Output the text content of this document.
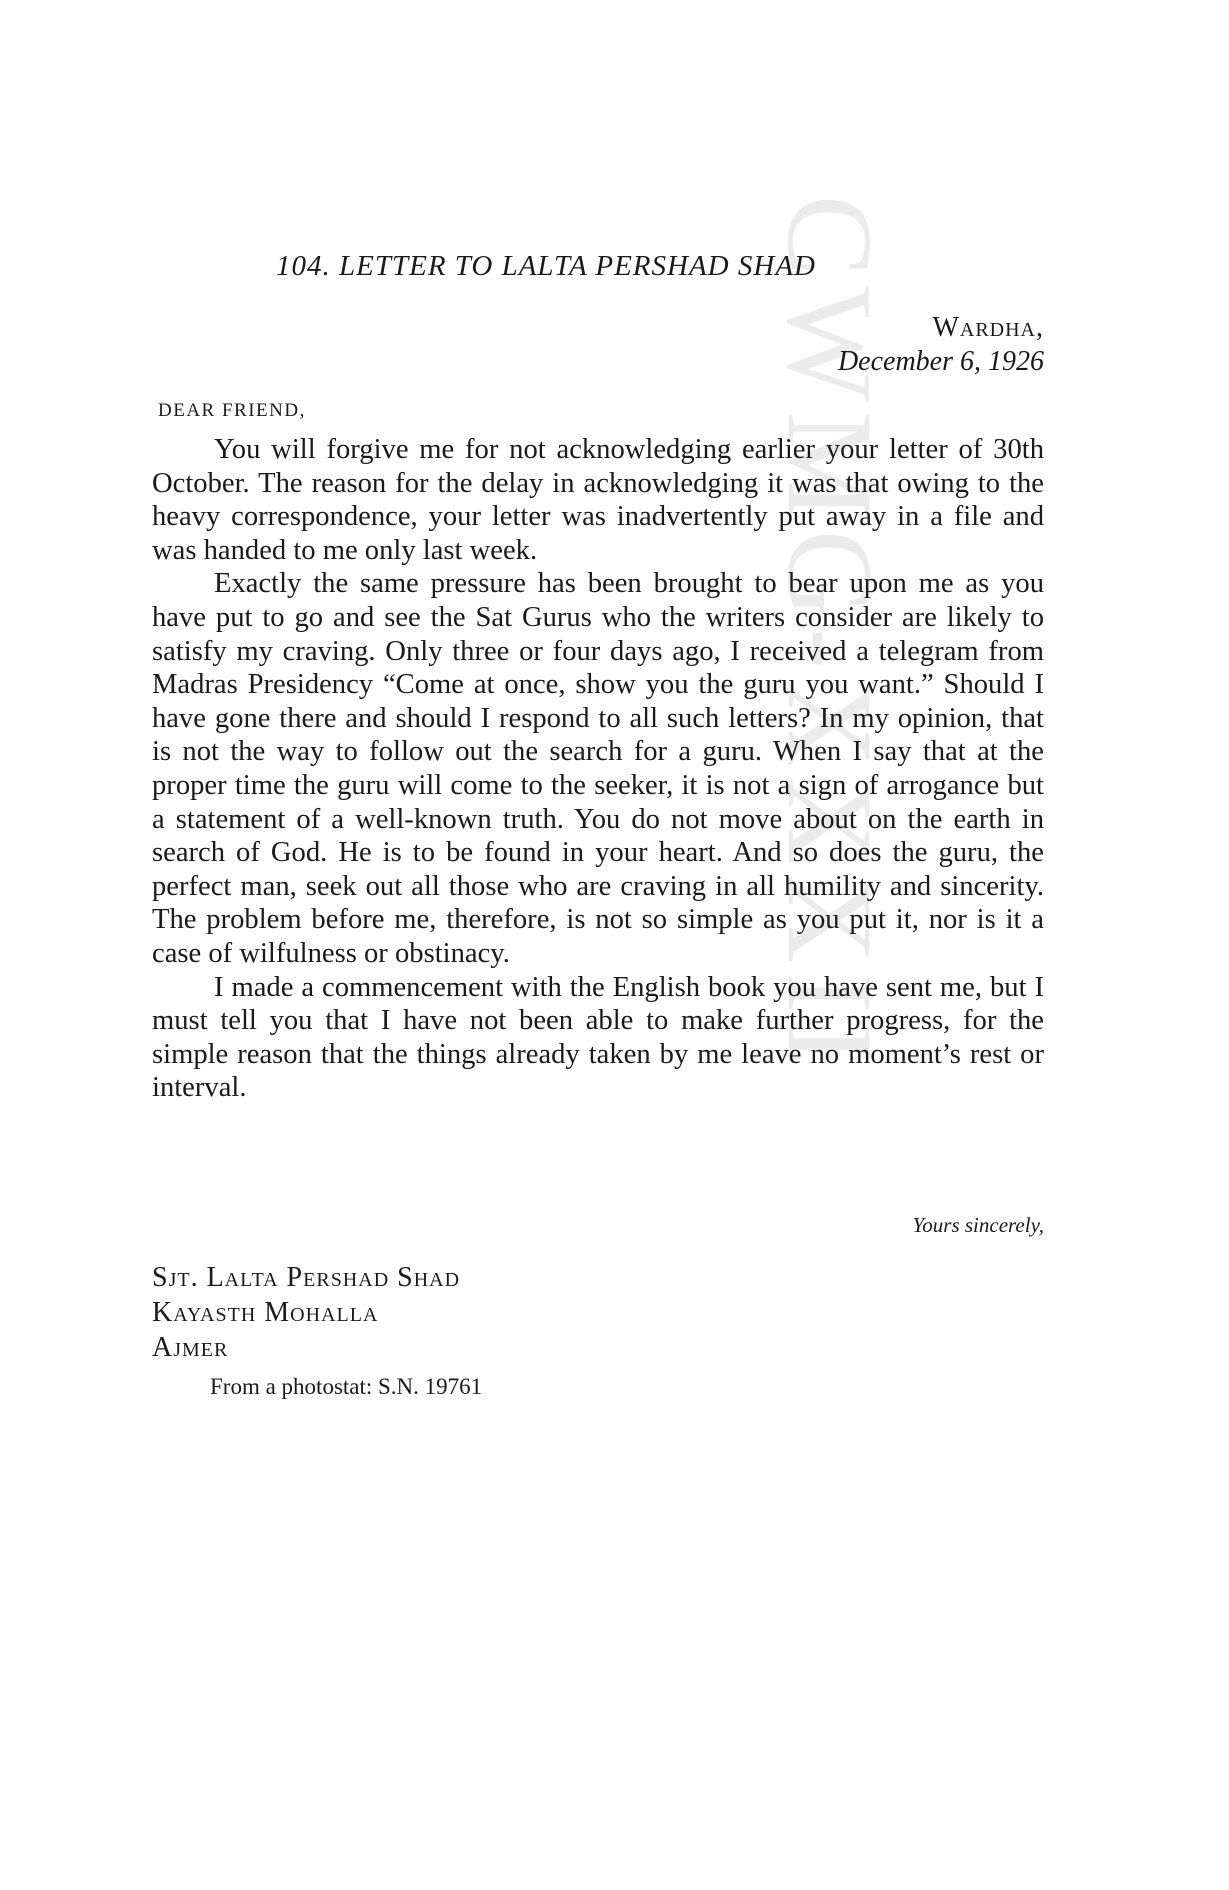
CWMG-XXXII
104. LETTER TO LALTA PERSHAD SHAD
Wardha,
December 6, 1926
DEAR FRIEND,

You will forgive me for not acknowledging earlier your letter of 30th October. The reason for the delay in acknowledging it was that owing to the heavy correspondence, your letter was inadvertently put away in a file and was handed to me only last week.

Exactly the same pressure has been brought to bear upon me as you have put to go and see the Sat Gurus who the writers consider are likely to satisfy my craving. Only three or four days ago, I received a telegram from Madras Presidency “Come at once, show you the guru you want.” Should I have gone there and should I respond to all such letters? In my opinion, that is not the way to follow out the search for a guru. When I say that at the proper time the guru will come to the seeker, it is not a sign of arrogance but a statement of a well-known truth. You do not move about on the earth in search of God. He is to be found in your heart. And so does the guru, the perfect man, seek out all those who are craving in all humility and sincerity. The problem before me, therefore, is not so simple as you put it, nor is it a case of wilfulness or obstinacy.

I made a commencement with the English book you have sent me, but I must tell you that I have not been able to make further progress, for the simple reason that the things already taken by me leave no moment’s rest or interval.

Yours sincerely,
Sjt. Lalta Pershad Shad
Kayasth Mohalla
Ajmer
From a photostat: S.N. 19761
